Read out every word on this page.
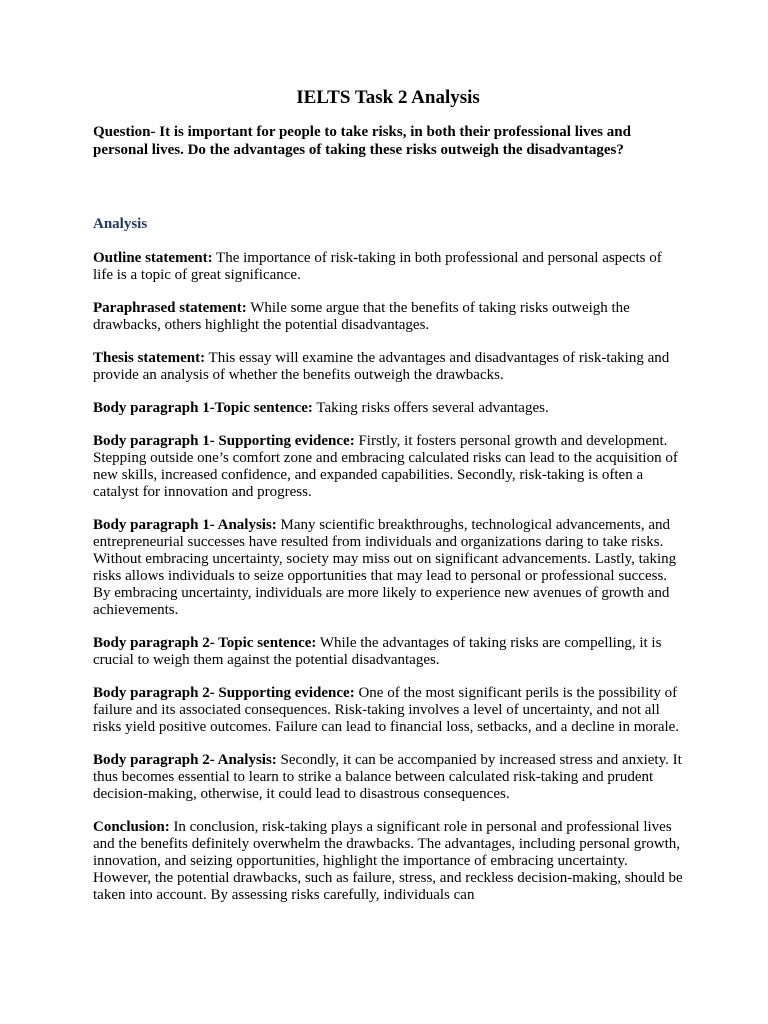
IELTS Task 2 Analysis

Question- It is important for people to take risks, in both their professional lives and personal lives. Do the advantages of taking these risks outweigh the disadvantages?

Analysis

Outline statement: The importance of risk-taking in both professional and personal aspects of life is a topic of great significance.

Paraphrased statement: While some argue that the benefits of taking risks outweigh the drawbacks, others highlight the potential disadvantages.

Thesis statement: This essay will examine the advantages and disadvantages of risk-taking and provide an analysis of whether the benefits outweigh the drawbacks.

Body paragraph 1-Topic sentence: Taking risks offers several advantages.

Body paragraph 1- Supporting evidence: Firstly, it fosters personal growth and development. Stepping outside one’s comfort zone and embracing calculated risks can lead to the acquisition of new skills, increased confidence, and expanded capabilities. Secondly, risk-taking is often a catalyst for innovation and progress.

Body paragraph 1- Analysis: Many scientific breakthroughs, technological advancements, and entrepreneurial successes have resulted from individuals and organizations daring to take risks. Without embracing uncertainty, society may miss out on significant advancements. Lastly, taking risks allows individuals to seize opportunities that may lead to personal or professional success. By embracing uncertainty, individuals are more likely to experience new avenues of growth and achievements.

Body paragraph 2- Topic sentence: While the advantages of taking risks are compelling, it is crucial to weigh them against the potential disadvantages.

Body paragraph 2- Supporting evidence: One of the most significant perils is the possibility of failure and its associated consequences. Risk-taking involves a level of uncertainty, and not all risks yield positive outcomes. Failure can lead to financial loss, setbacks, and a decline in morale.

Body paragraph 2- Analysis: Secondly, it can be accompanied by increased stress and anxiety. It thus becomes essential to learn to strike a balance between calculated risk-taking and prudent decision-making, otherwise, it could lead to disastrous consequences.

Conclusion: In conclusion, risk-taking plays a significant role in personal and professional lives and the benefits definitely overwhelm the drawbacks. The advantages, including personal growth, innovation, and seizing opportunities, highlight the importance of embracing uncertainty. However, the potential drawbacks, such as failure, stress, and reckless decision-making, should be taken into account. By assessing risks carefully, individuals can
